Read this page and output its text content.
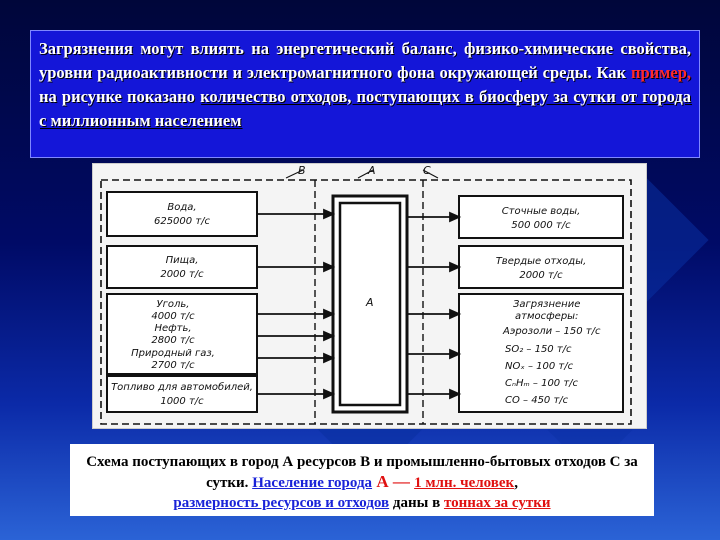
Загрязнения могут влиять на энергетический баланс, физико-химические свойства, уровни радиоактивности и электромагнитного фона окружающей среды. Как пример, на рисунке показано количество отходов, поступающих в биосферу за сутки от города с миллионным населением
B	A	C
A
Вода,
625000 т/с
Пища,
2000 т/с
Уголь,
4000 т/с
Нефть,
2800 т/с
Природный газ,
2700 т/с
Топливо для автомобилей,
1000 т/с
Сточные воды,
500 000 т/с
Твердые отходы,
2000 т/с
Загрязнение
атмосферы:
Аэрозоли – 150 т/с
SO₂ – 150 т/с
NOₓ – 100 т/с
CₙHₘ – 100 т/с
CO – 450 т/с
Схема поступающих в город А ресурсов В и промышленно-бытовых отходов С за сутки. Население города А — 1 млн. человек,
размерность ресурсов и отходов даны в тоннах за сутки
